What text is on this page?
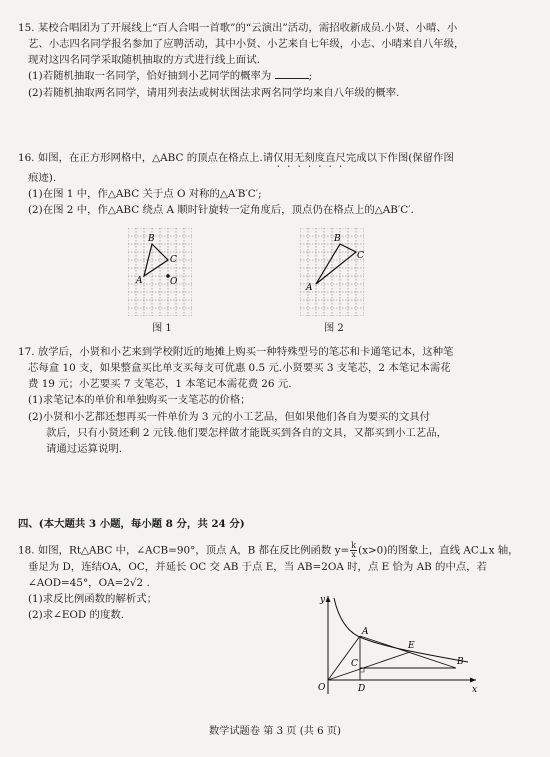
15. 某校合唱团为了开展线上“百人合唱一首歌”的“云演出”活动，需招收新成员.小贤、小晴、小

艺、小志四名同学报名参加了应聘活动，其中小贤、小艺来自七年级，小志、小晴来自八年级，

现对这四名同学采取随机抽取的方式进行线上面试.

(1)若随机抽取一名同学，恰好抽到小艺同学的概率为	;

(2)若随机抽取两名同学，请用列表法或树状图法求两名同学均来自八年级的概率.

16. 如图，在正方形网格中，△ABC 的顶点在格点上.请仅用无刻度直尺完成以下作图(保留作图

痕迹).

(1)在图 1 中，作△ABC 关于点 O 对称的△A′B′C′;

(2)在图 2 中，作△ABC 绕点 A 顺时针旋转一定角度后，顶点仍在格点上的△AB′C′.

B
C
A	O
图 1
B
C
A
图 2

17. 放学后，小贤和小艺来到学校附近的地摊上购买一种特殊型号的笔芯和卡通笔记本，这种笔

芯每盒 10 支，如果整盒买比单支买每支可优惠 0.5 元.小贤要买 3 支笔芯，2 本笔记本需花

费 19 元；小艺要买 7 支笔芯，1 本笔记本需花费 26 元.

(1)求笔记本的单价和单独购买一支笔芯的价格；

(2)小贤和小艺都还想再买一件单价为 3 元的小工艺品，但如果他们各自为要买的文具付

款后，只有小贤还剩 2 元钱.他们要怎样做才能既买到各自的文具，又都买到小工艺品，

请通过运算说明.

四、(本大题共 3 小题，每小题 8 分，共 24 分)

18. 如图，Rt△ABC 中，∠ACB=90°，顶点 A，B 都在反比例函数 $y= \frac{k}{x} (x>0)$的图象上，直线 AC⊥x 轴，

垂足为 D，连结OA，OC，并延长 OC 交 AB 于点 E，当 AB=2OA 时，点 E 恰为 AB 的中点，若

∠AOD=45°，OA=2√2 .

(1)求反比例函数的解析式；

(2)求∠EOD 的度数.

y
x
O
A
C
D
E
B
数学试题卷 第 3 页 (共 6 页)
